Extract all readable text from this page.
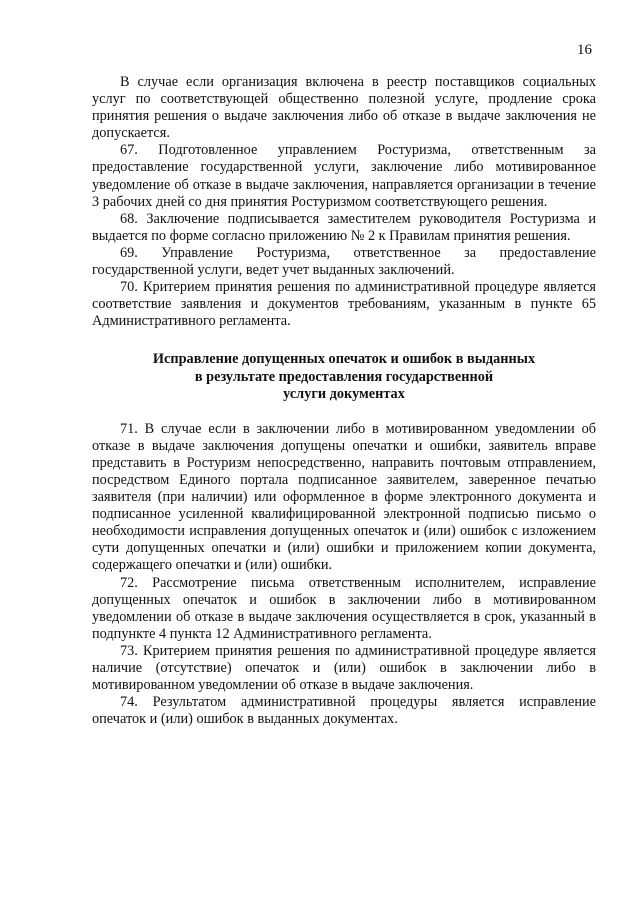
16

В случае если организация включена в реестр поставщиков социальных услуг по соответствующей общественно полезной услуге, продление срока принятия решения о выдаче заключения либо об отказе в выдаче заключения не допускается.

67. Подготовленное управлением Ростуризма, ответственным за предоставление государственной услуги, заключение либо мотивированное уведомление об отказе в выдаче заключения, направляется организации в течение 3 рабочих дней со дня принятия Ростуризмом соответствующего решения.

68. Заключение подписывается заместителем руководителя Ростуризма и выдается по форме согласно приложению № 2 к Правилам принятия решения.

69. Управление Ростуризма, ответственное за предоставление государственной услуги, ведет учет выданных заключений.

70. Критерием принятия решения по административной процедуре является соответствие заявления и документов требованиям, указанным в пункте 65 Административного регламента.

Исправление допущенных опечаток и ошибок в выданных
в результате предоставления государственной
услуги документах

71. В случае если в заключении либо в мотивированном уведомлении об отказе в выдаче заключения допущены опечатки и ошибки, заявитель вправе представить в Ростуризм непосредственно, направить почтовым отправлением, посредством Единого портала подписанное заявителем, заверенное печатью заявителя (при наличии) или оформленное в форме электронного документа и подписанное усиленной квалифицированной электронной подписью письмо о необходимости исправления допущенных опечаток и (или) ошибок с изложением сути допущенных опечатки и (или) ошибки и приложением копии документа, содержащего опечатки и (или) ошибки.

72. Рассмотрение письма ответственным исполнителем, исправление допущенных опечаток и ошибок в заключении либо в мотивированном уведомлении об отказе в выдаче заключения осуществляется в срок, указанный в подпункте 4 пункта 12 Административного регламента.

73. Критерием принятия решения по административной процедуре является наличие (отсутствие) опечаток и (или) ошибок в заключении либо в мотивированном уведомлении об отказе в выдаче заключения.

74. Результатом административной процедуры является исправление опечаток и (или) ошибок в выданных документах.
